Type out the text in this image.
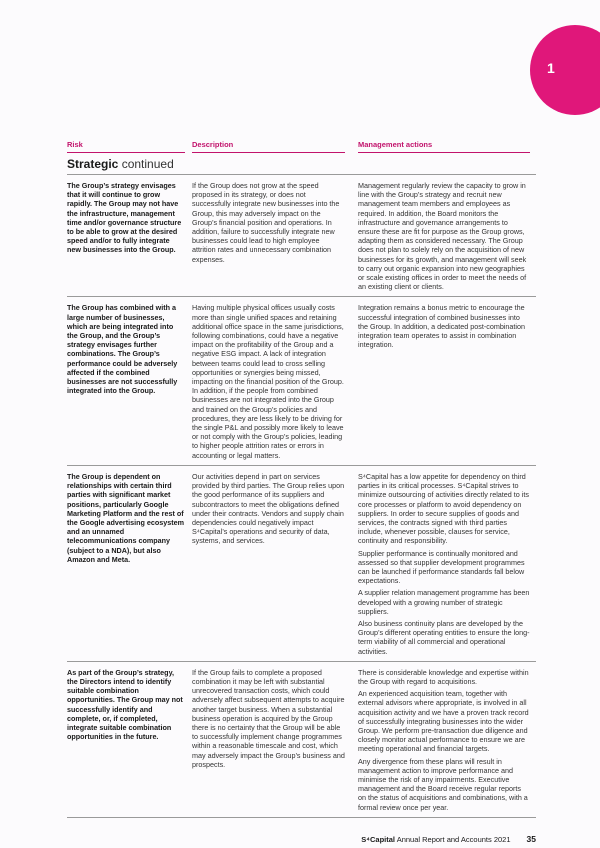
1
Risk	Description	Management actions
Strategic continued
The Group’s strategy envisages that it will continue to grow rapidly. The Group may not have the infrastructure, management time and/or governance structure to be able to grow at the desired speed and/or to fully integrate new businesses into the Group.
If the Group does not grow at the speed proposed in its strategy, or does not successfully integrate new businesses into the Group, this may adversely impact on the Group’s financial position and operations. In addition, failure to successfully integrate new businesses could lead to high employee attrition rates and unnecessary combination expenses.

Management regularly review the capacity to grow in line with the Group’s strategy and recruit new management team members and employees as required. In addition, the Board monitors the infrastructure and governance arrangements to ensure these are fit for purpose as the Group grows, adapting them as considered necessary. The Group does not plan to solely rely on the acquisition of new businesses for its growth, and management will seek to carry out organic expansion into new geographies or scale existing offices in order to meet the needs of an existing client or clients.

The Group has combined with a large number of businesses, which are being integrated into the Group, and the Group’s strategy envisages further combinations. The Group’s performance could be adversely affected if the combined businesses are not successfully integrated into the Group.
Having multiple physical offices usually costs more than single unified spaces and retaining additional office space in the same jurisdictions, following combinations, could have a negative impact on the profitability of the Group and a negative ESG impact. A lack of integration between teams could lead to cross selling opportunities or synergies being missed, impacting on the financial position of the Group. In addition, if the people from combined businesses are not integrated into the Group and trained on the Group’s policies and procedures, they are less likely to be driving for the single P&L and possibly more likely to leave or not comply with the Group’s policies, leading to higher people attrition rates or errors in accounting or legal matters.

Integration remains a bonus metric to encourage the successful integration of combined businesses into the Group. In addition, a dedicated post-combination integration team operates to assist in combination integration.

The Group is dependent on relationships with certain third parties with significant market positions, particularly Google Marketing Platform and the rest of the Google advertising ecosystem and an unnamed telecommunications company (subject to a NDA), but also Amazon and Meta.
Our activities depend in part on services provided by third parties. The Group relies upon the good performance of its suppliers and subcontractors to meet the obligations defined under their contracts. Vendors and supply chain dependencies could negatively impact S⁴Capital’s operations and security of data, systems, and services.

S⁴Capital has a low appetite for dependency on third parties in its critical processes. S⁴Capital strives to minimize outsourcing of activities directly related to its core processes or platform to avoid dependency on suppliers. In order to secure supplies of goods and services, the contracts signed with third parties include, whenever possible, clauses for service, continuity and responsibility.

Supplier performance is continually monitored and assessed so that supplier development programmes can be launched if performance standards fall below expectations.

A supplier relation management programme has been developed with a growing number of strategic suppliers.

Also business continuity plans are developed by the Group’s different operating entities to ensure the long-term viability of all commercial and operational activities.

As part of the Group’s strategy, the Directors intend to identify suitable combination opportunities. The Group may not successfully identify and complete, or, if completed, integrate suitable combination opportunities in the future.
If the Group fails to complete a proposed combination it may be left with substantial unrecovered transaction costs, which could adversely affect subsequent attempts to acquire another target business. When a substantial business operation is acquired by the Group there is no certainty that the Group will be able to successfully implement change programmes within a reasonable timescale and cost, which may adversely impact the Group’s business and prospects.

There is considerable knowledge and expertise within the Group with regard to acquisitions.

An experienced acquisition team, together with external advisors where appropriate, is involved in all acquisition activity and we have a proven track record of successfully integrating businesses into the wider Group. We perform pre-transaction due diligence and closely monitor actual performance to ensure we are meeting operational and financial targets.

Any divergence from these plans will result in management action to improve performance and minimise the risk of any impairments. Executive management and the Board receive regular reports on the status of acquisitions and combinations, with a formal review once per year.

S⁴Capital Annual Report and Accounts 2021 35
